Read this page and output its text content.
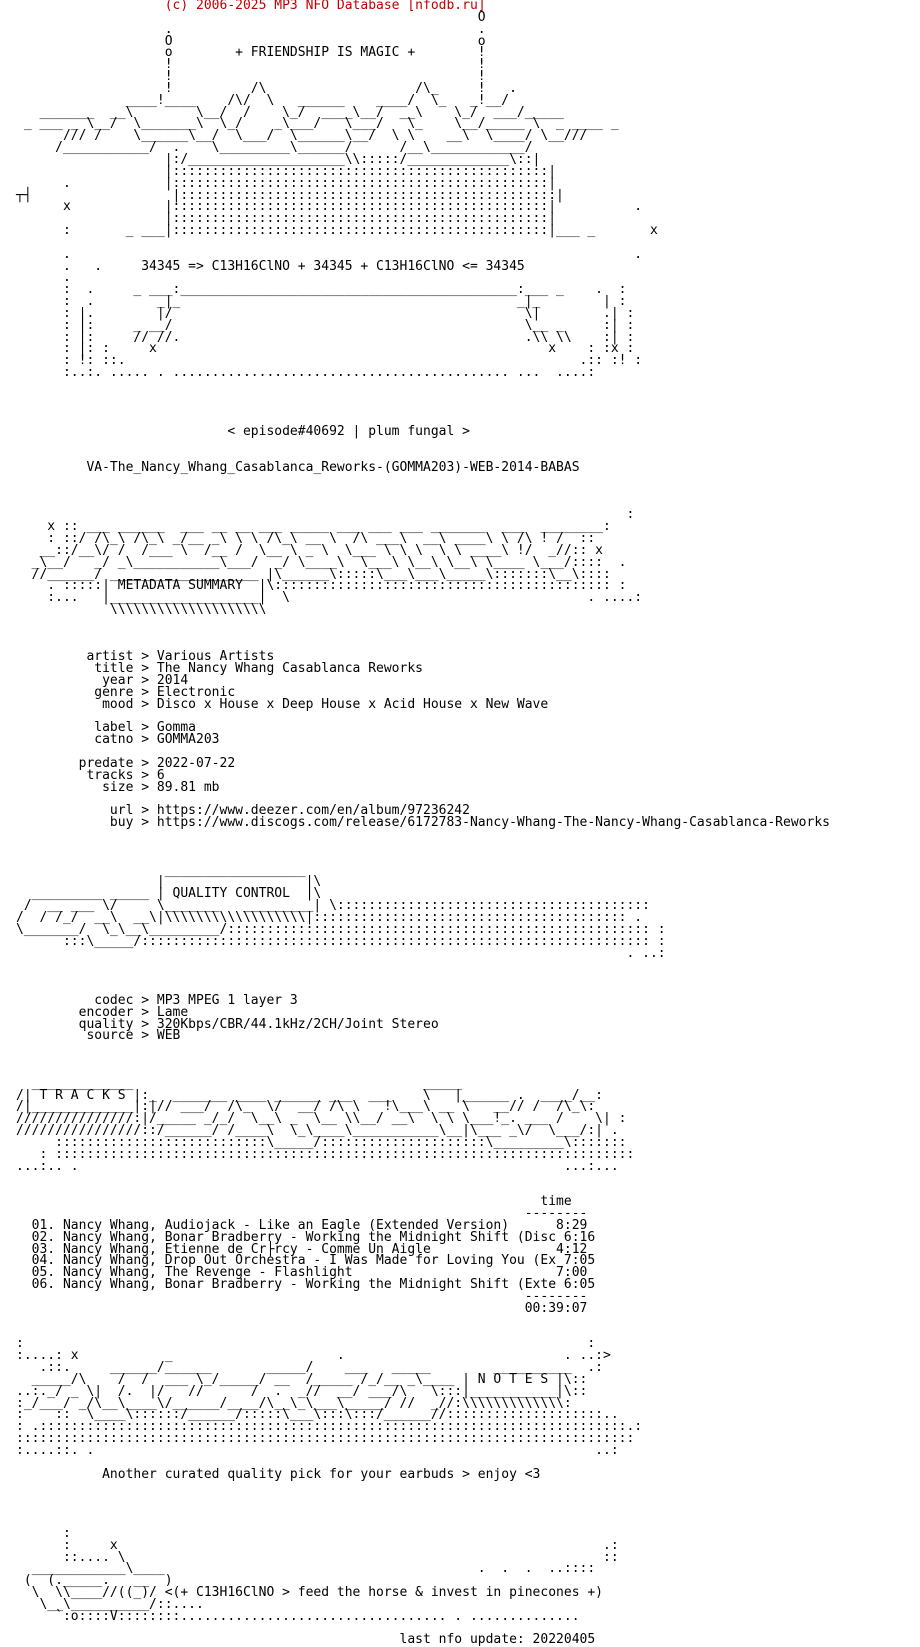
(c) 2006-2025 MP3 NFO Database [nfodb.ru]
O
.                                       .
O                                       o
o        + FRIENDSHIP IS MAGIC +        !
!                                       !
!                                       !
!          /\                   /\_     !   .
____!____    /\/  \   ______    ____/  \_   _!__/
_______  __\        \__/  /    \_/  ____\__/  __\    \_/  ___/_____
_ ___ _ \__/  \_______\  \_/    _\___/   \___/   \_    \__/_____ \  _ ____ _
/// /    \______\__/  \___/  \______\__/  \ \    __\  \____/ \__///
/___________/  .    \_________\______/      /__\____________/
|:/____________________\\:::::/_____________\::|
|::::::::::::::::::::::::::::::::::::::::::::::::|
.            |::::::::::::::::::::::::::::::::::::::::::::::::|
┬┤                  |::::::::::::::::::::::::::::::::::::::::::::::::|
x            |::::::::::::::::::::::::::::::::::::::::::::::::|          .
|::::::::::::::::::::::::::::::::::::::::::::::::|
:       _ ___|::::::::::::::::::::::::::::::::::::::::::::::::|___ _       x

.                                                                        .
.   .     34345 => C13H16ClNO + 34345 + C13H16ClNO <= 34345
.
:  .     _ ___:___________________________________________:___ _    .  :
:  .        _|_                                           _|_        | :
: |.        |/                                             \|        .| :
: |:     _ __/                                             \__ _     :| :
: |:     // //.                                            .\\ \\    :| :
: |: :     x                                                  x    : :x :
: !: ::.                                                          .:: :! :
:..:. ..... . ........................................... ...  ....:

< episode#40692 | plum fungal >

VA-The_Nancy_Whang_Casablanca_Reworks-(GOMMA203)-WEB-2014-BABAS

:
x :: ___ ______  ___ __ __ ___ _____ ___ ___ ___ _______  ___  ________:
: ::/ /\_\ /\_\ _/__ _\ \ \ /\_\ __ \  /\ ___\  __\ ____\ \ /\ ! /  ::
__::/__\/ /  /___ \  /__ /  \__ \ _ \  \___ \ \ \  \ \ ____\ !/  _//:: x
_\__/   _/ _\___________\___/  _/ \____\  \___\ \__\ \__\ \____ \___/::::  .
//______/ ___________________ |\______\:::::\___\___\_____\:::::::\__\::::
. :::::| METADATA SUMMARY  |\::::::::::::::::::::::::::::::::::::::::::: :
:...   |___________________|  \                                      . ....:
\\\\\\\\\\\\\\\\\\\\

artist > Various Artists
title > The Nancy Whang Casablanca Reworks
year > 2014
genre > Electronic
mood > Disco x House x Deep House x Acid House x New Wave

label > Gomma
catno > GOMMA203

predate > 2022-07-22
tracks > 6
size > 89.81 mb

url > https://www.deezer.com/en/album/97236242
buy > https://www.discogs.com/release/6172783-Nancy-Whang-The-Nancy-Whang-Casablanca-Reworks

__________________
|                  |\
_________ _____ | QUALITY CONTROL  |\
/  __ ___ \/     \_______   _________| \::::::::::::::::::::::::::::::::::::::::
/  / /_/  __\  __\|\\\\\\\\\\\\\\\\\\|:::::::::::::::::::::::::::::::::::::::: .
\_______/  \_\__\_________/:::::::::::::::::::::::::::::::::::::::::::::::::::::: :
:::\_____/::::::::::::::::::::::::::::::::::::::::::::::::::::::::::::::::: :
. ..:

codec > MP3 MPEG 1 layer 3
encoder > Lame
quality > 320Kbps/CBR/44.1kHz/2CH/Joint Stereo
source > WEB

_____________                                     _____
/| T R A C K S |:_  _______ ____ ______ ___  ___    \   |______ .  ____/__:
/|_____________|:|// ___/  /\_  \/  __/ /\ \   !\___\ __ \   __// /  /\_\:
///////////////:|/_____ _/_/  \__\ _  \__ \\__/ __\  \ \ \___!_. ___ /    \| :
////////////////::/______/ /____\  \_\____\___________\__|\___ _\/  \___/:| .
:::::::::::::::::::::::::::\_____/:::::::::::::::::::::\_________\:::::::
: ::::::::::::::::::::::::::::::::::::::::::::::::::::::::::::::::::::::::::
...:.. .                                                              ...:...

time
--------
01. Nancy Whang, Audiojack - Like an Eagle (Extended Version)      8:29
02. Nancy Whang, Bonar Bradberry - Working the Midnight Shift (Disc 6:16
03. Nancy Whang, Etienne de Cr├rcy - Comme Un Aigle                4:12
04. Nancy Whang, Drop Out Orchestra - I Was Made for Loving You (Ex 7:05
05. Nancy Whang, The Revenge - Flashlight                          7:00
06. Nancy Whang, Bonar Bradberry - Working the Midnight Shift (Exte 6:05
--------
00:39:07

:                                                                        :
:....: x           _                     .                            . ..:>
.::.     ______/______       _____/    ___   _____        __________  .:
_____/\    /  /  ___ \_/_____/ __  /_____ /_/__ _\____ | N O T E S |\::
..:._/ _ \|  /.  |/   //      /  .  _//  __/ ___/\   \:::|___________|\::
:_/___/ _/\__\____\/______/____/\__\_\___\_____/ //  _//:\\\\\\\\\\\\\:
:    ::  \____\::::::/______/:::::\___\:::\:::/______//::::::::::::::::::::..
: .:::::::::::::::::::::::::::::::::::::::::::::::::::::::::::::::::::::::::::.:
:::::::::::::::::::::::::::::::::::::::::::::::::::::::::::::::::::::::::::::::
:....::. .                                                                ..:

Another curated quality pick for your earbuds > enjoy <3

:
:     x                                                              .:
::.... \                                                             ::
____________\____                                        .  .  .  ..::::
(  (._____.   __  )
\  \\____//((_)/ <(+ C13H16ClNO > feed the horse & invest in pinecones +)
\__\__________/::....
`:o::::V::::::::.................................. . ..............

last nfo update: 20220405
